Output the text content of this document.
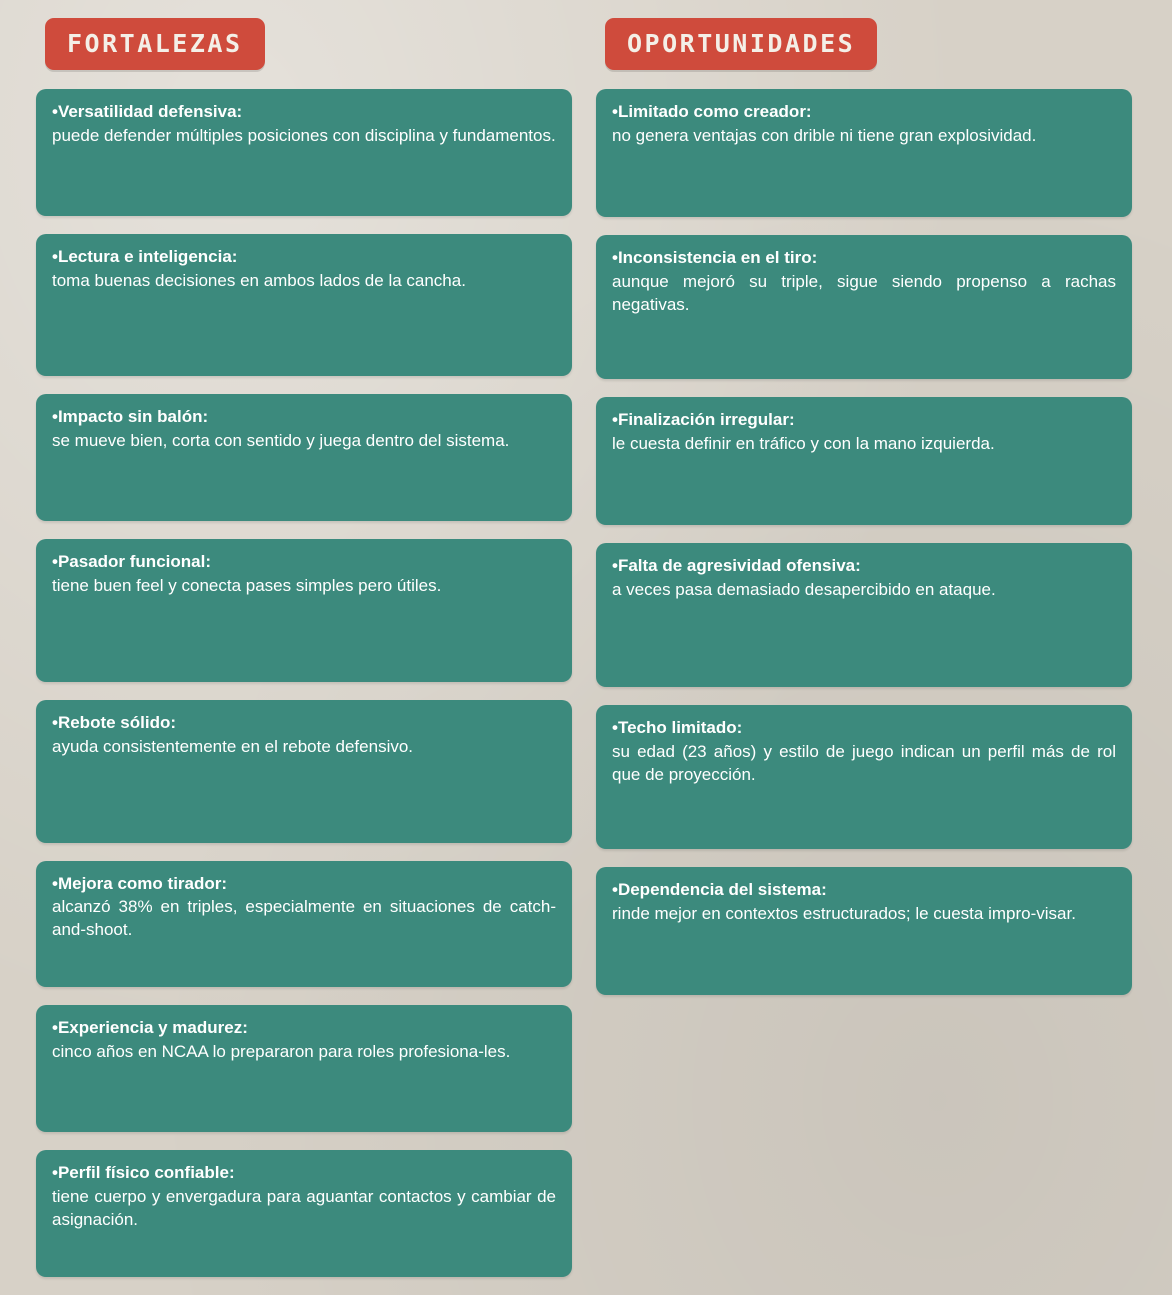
FORTALEZAS

•Versatilidad defensiva:

puede defender múltiples posiciones con disciplina y fundamentos.

•Lectura e inteligencia:

toma buenas decisiones en ambos lados de la cancha.

•Impacto sin balón:

se mueve bien, corta con sentido y juega dentro del sistema.

•Pasador funcional:

tiene buen feel y conecta pases simples pero útiles.

•Rebote sólido:

ayuda consistentemente en el rebote defensivo.

•Mejora como tirador:

alcanzó 38% en triples, especialmente en situaciones de catch-and-shoot.

•Experiencia y madurez:

cinco años en NCAA lo prepararon para roles profesiona-les.

•Perfil físico confiable:

tiene cuerpo y envergadura para aguantar contactos y cambiar de asignación.

OPORTUNIDADES

•Limitado como creador:

no genera ventajas con drible ni tiene gran explosividad.

•Inconsistencia en el tiro:

aunque mejoró su triple, sigue siendo propenso a rachas negativas.

•Finalización irregular:

le cuesta definir en tráfico y con la mano izquierda.

•Falta de agresividad ofensiva:

a veces pasa demasiado desapercibido en ataque.

•Techo limitado:

su edad (23 años) y estilo de juego indican un perfil más de rol que de proyección.

•Dependencia del sistema:

rinde mejor en contextos estructurados; le cuesta impro-visar.
